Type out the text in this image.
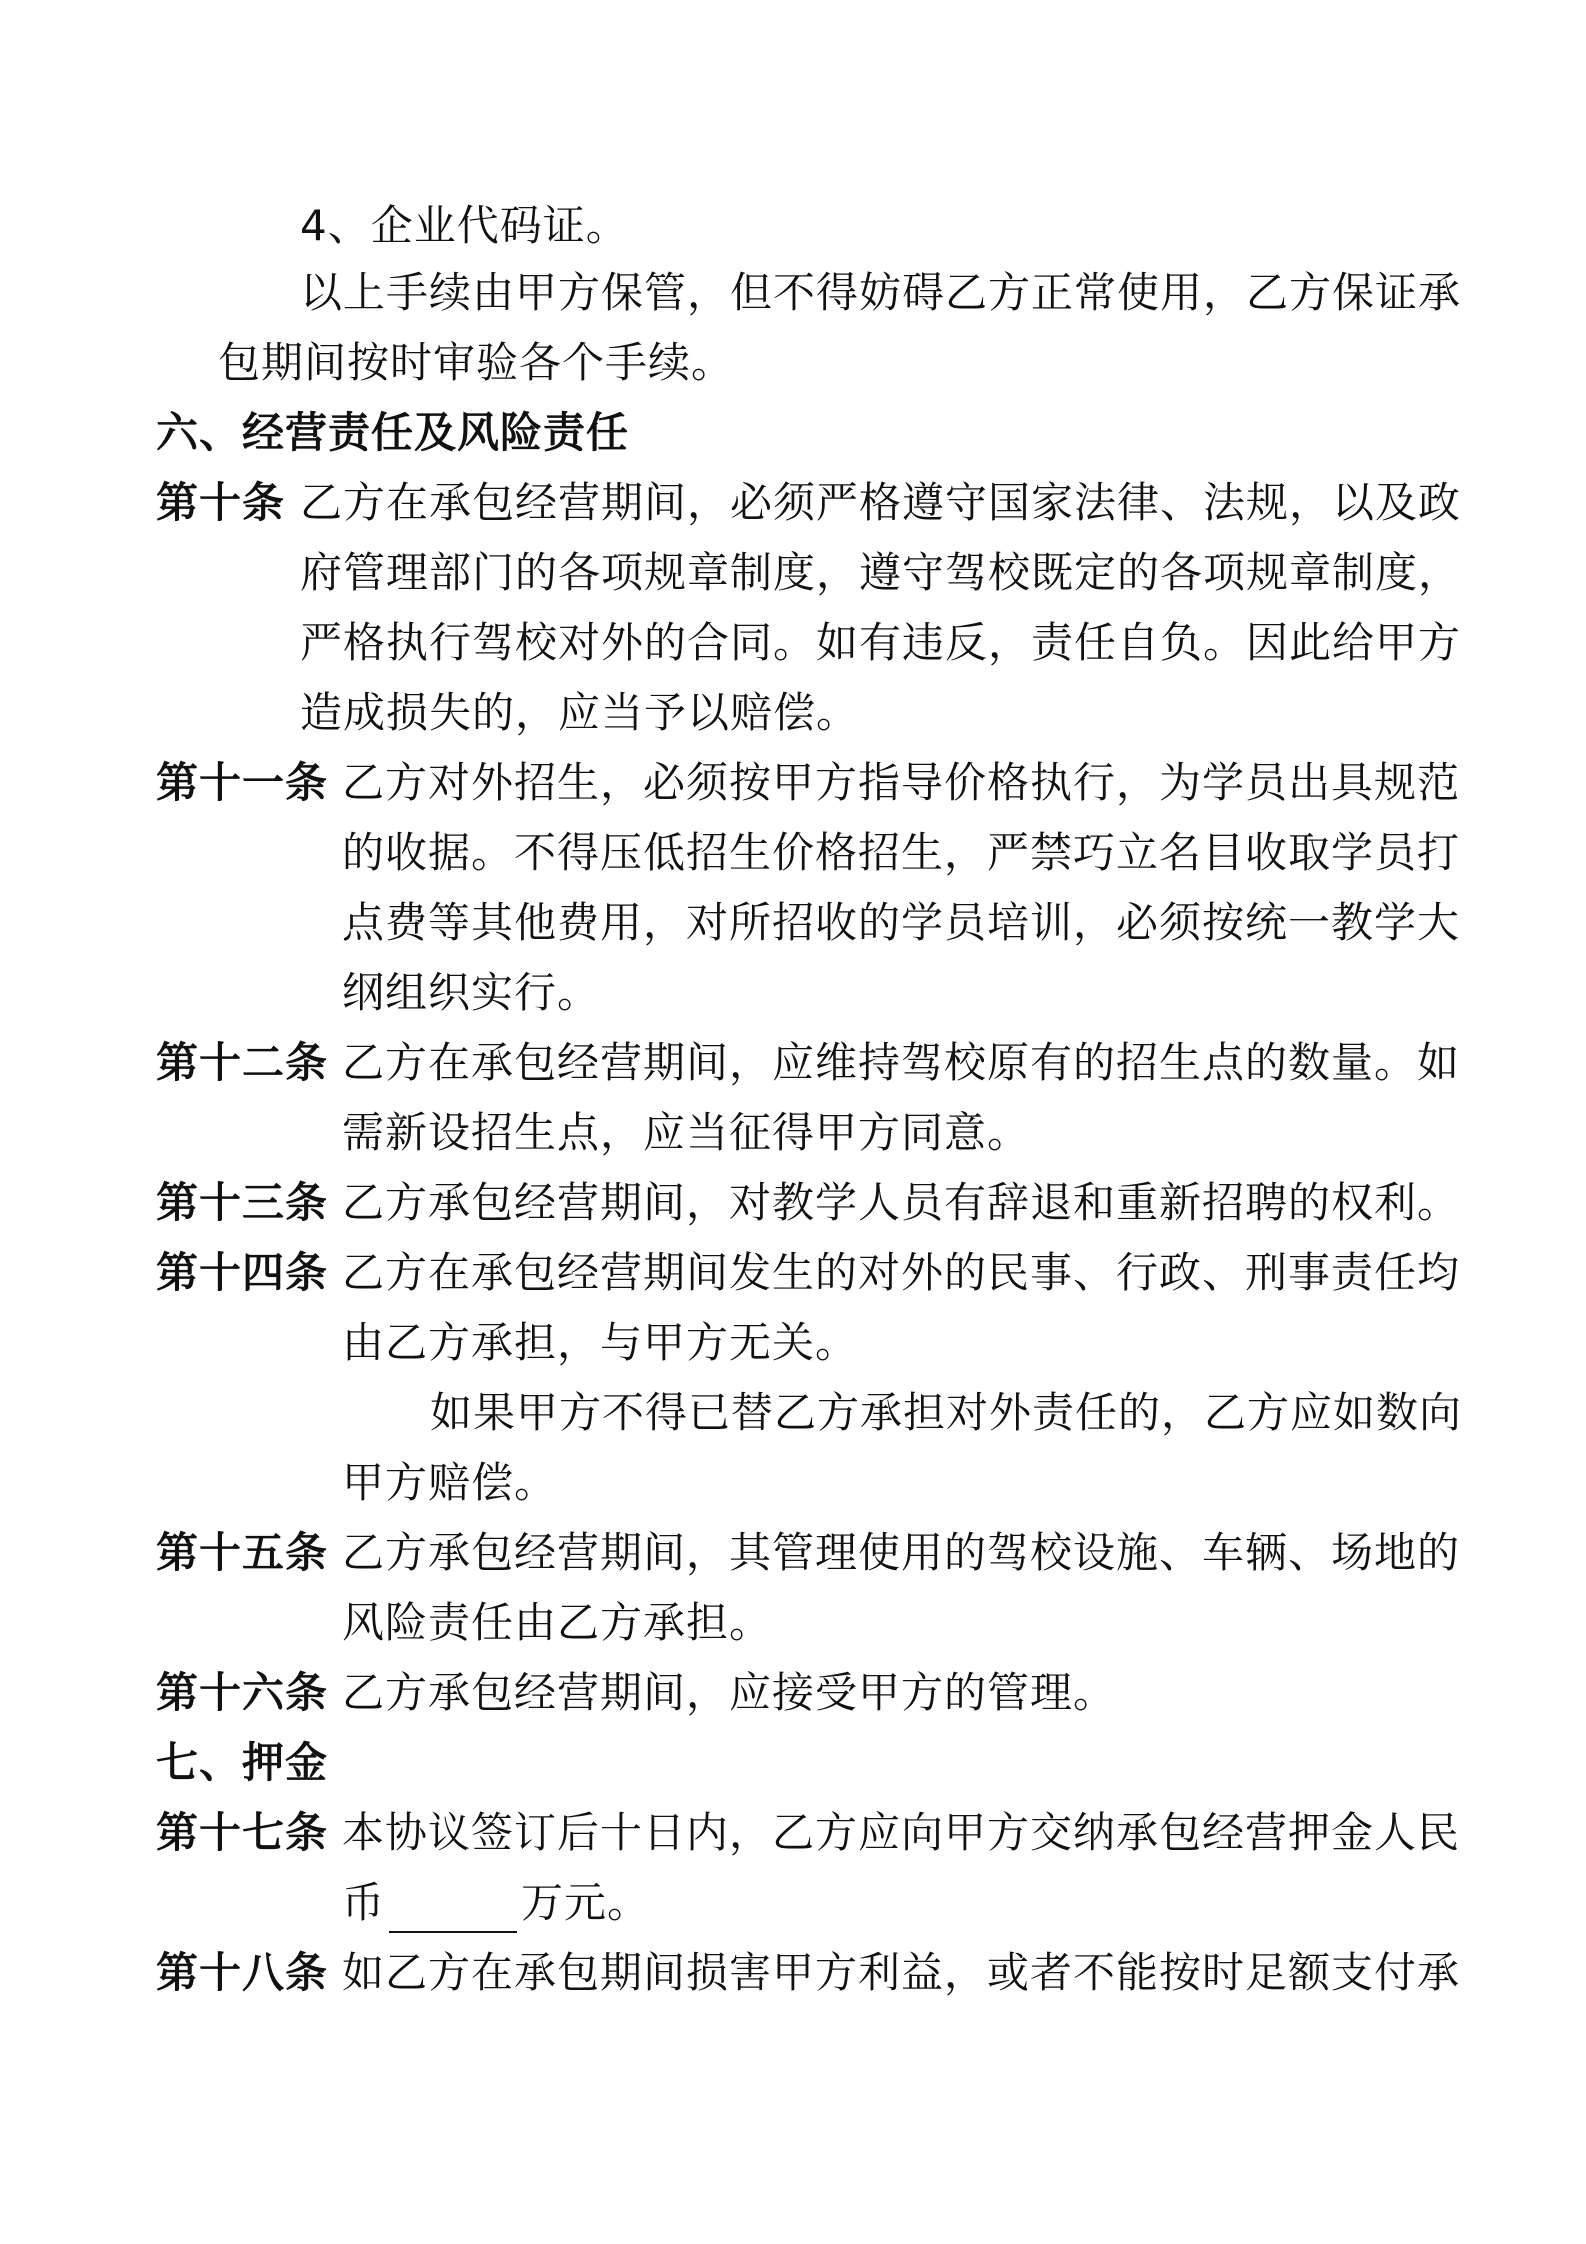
4、企业代码证。
以上手续由甲方保管，但不得妨碍乙方正常使用，乙方保证承
包期间按时审验各个手续。
六、经营责任及风险责任
第十条 乙方在承包经营期间，必须严格遵守国家法律、法规，以及政
府管理部门的各项规章制度，遵守驾校既定的各项规章制度，
严格执行驾校对外的合同。如有违反，责任自负。因此给甲方
造成损失的，应当予以赔偿。
第十一条 乙方对外招生，必须按甲方指导价格执行，为学员出具规范
的收据。不得压低招生价格招生，严禁巧立名目收取学员打
点费等其他费用，对所招收的学员培训，必须按统一教学大
纲组织实行。
第十二条 乙方在承包经营期间，应维持驾校原有的招生点的数量。如
需新设招生点，应当征得甲方同意。
第十三条 乙方承包经营期间，对教学人员有辞退和重新招聘的权利。
第十四条 乙方在承包经营期间发生的对外的民事、行政、刑事责任均
由乙方承担，与甲方无关。
如果甲方不得已替乙方承担对外责任的，乙方应如数向
甲方赔偿。
第十五条 乙方承包经营期间，其管理使用的驾校设施、车辆、场地的
风险责任由乙方承担。
第十六条 乙方承包经营期间，应接受甲方的管理。
七、押金
第十七条 本协议签订后十日内，乙方应向甲方交纳承包经营押金人民
币	万元。
第十八条 如乙方在承包期间损害甲方利益，或者不能按时足额支付承
